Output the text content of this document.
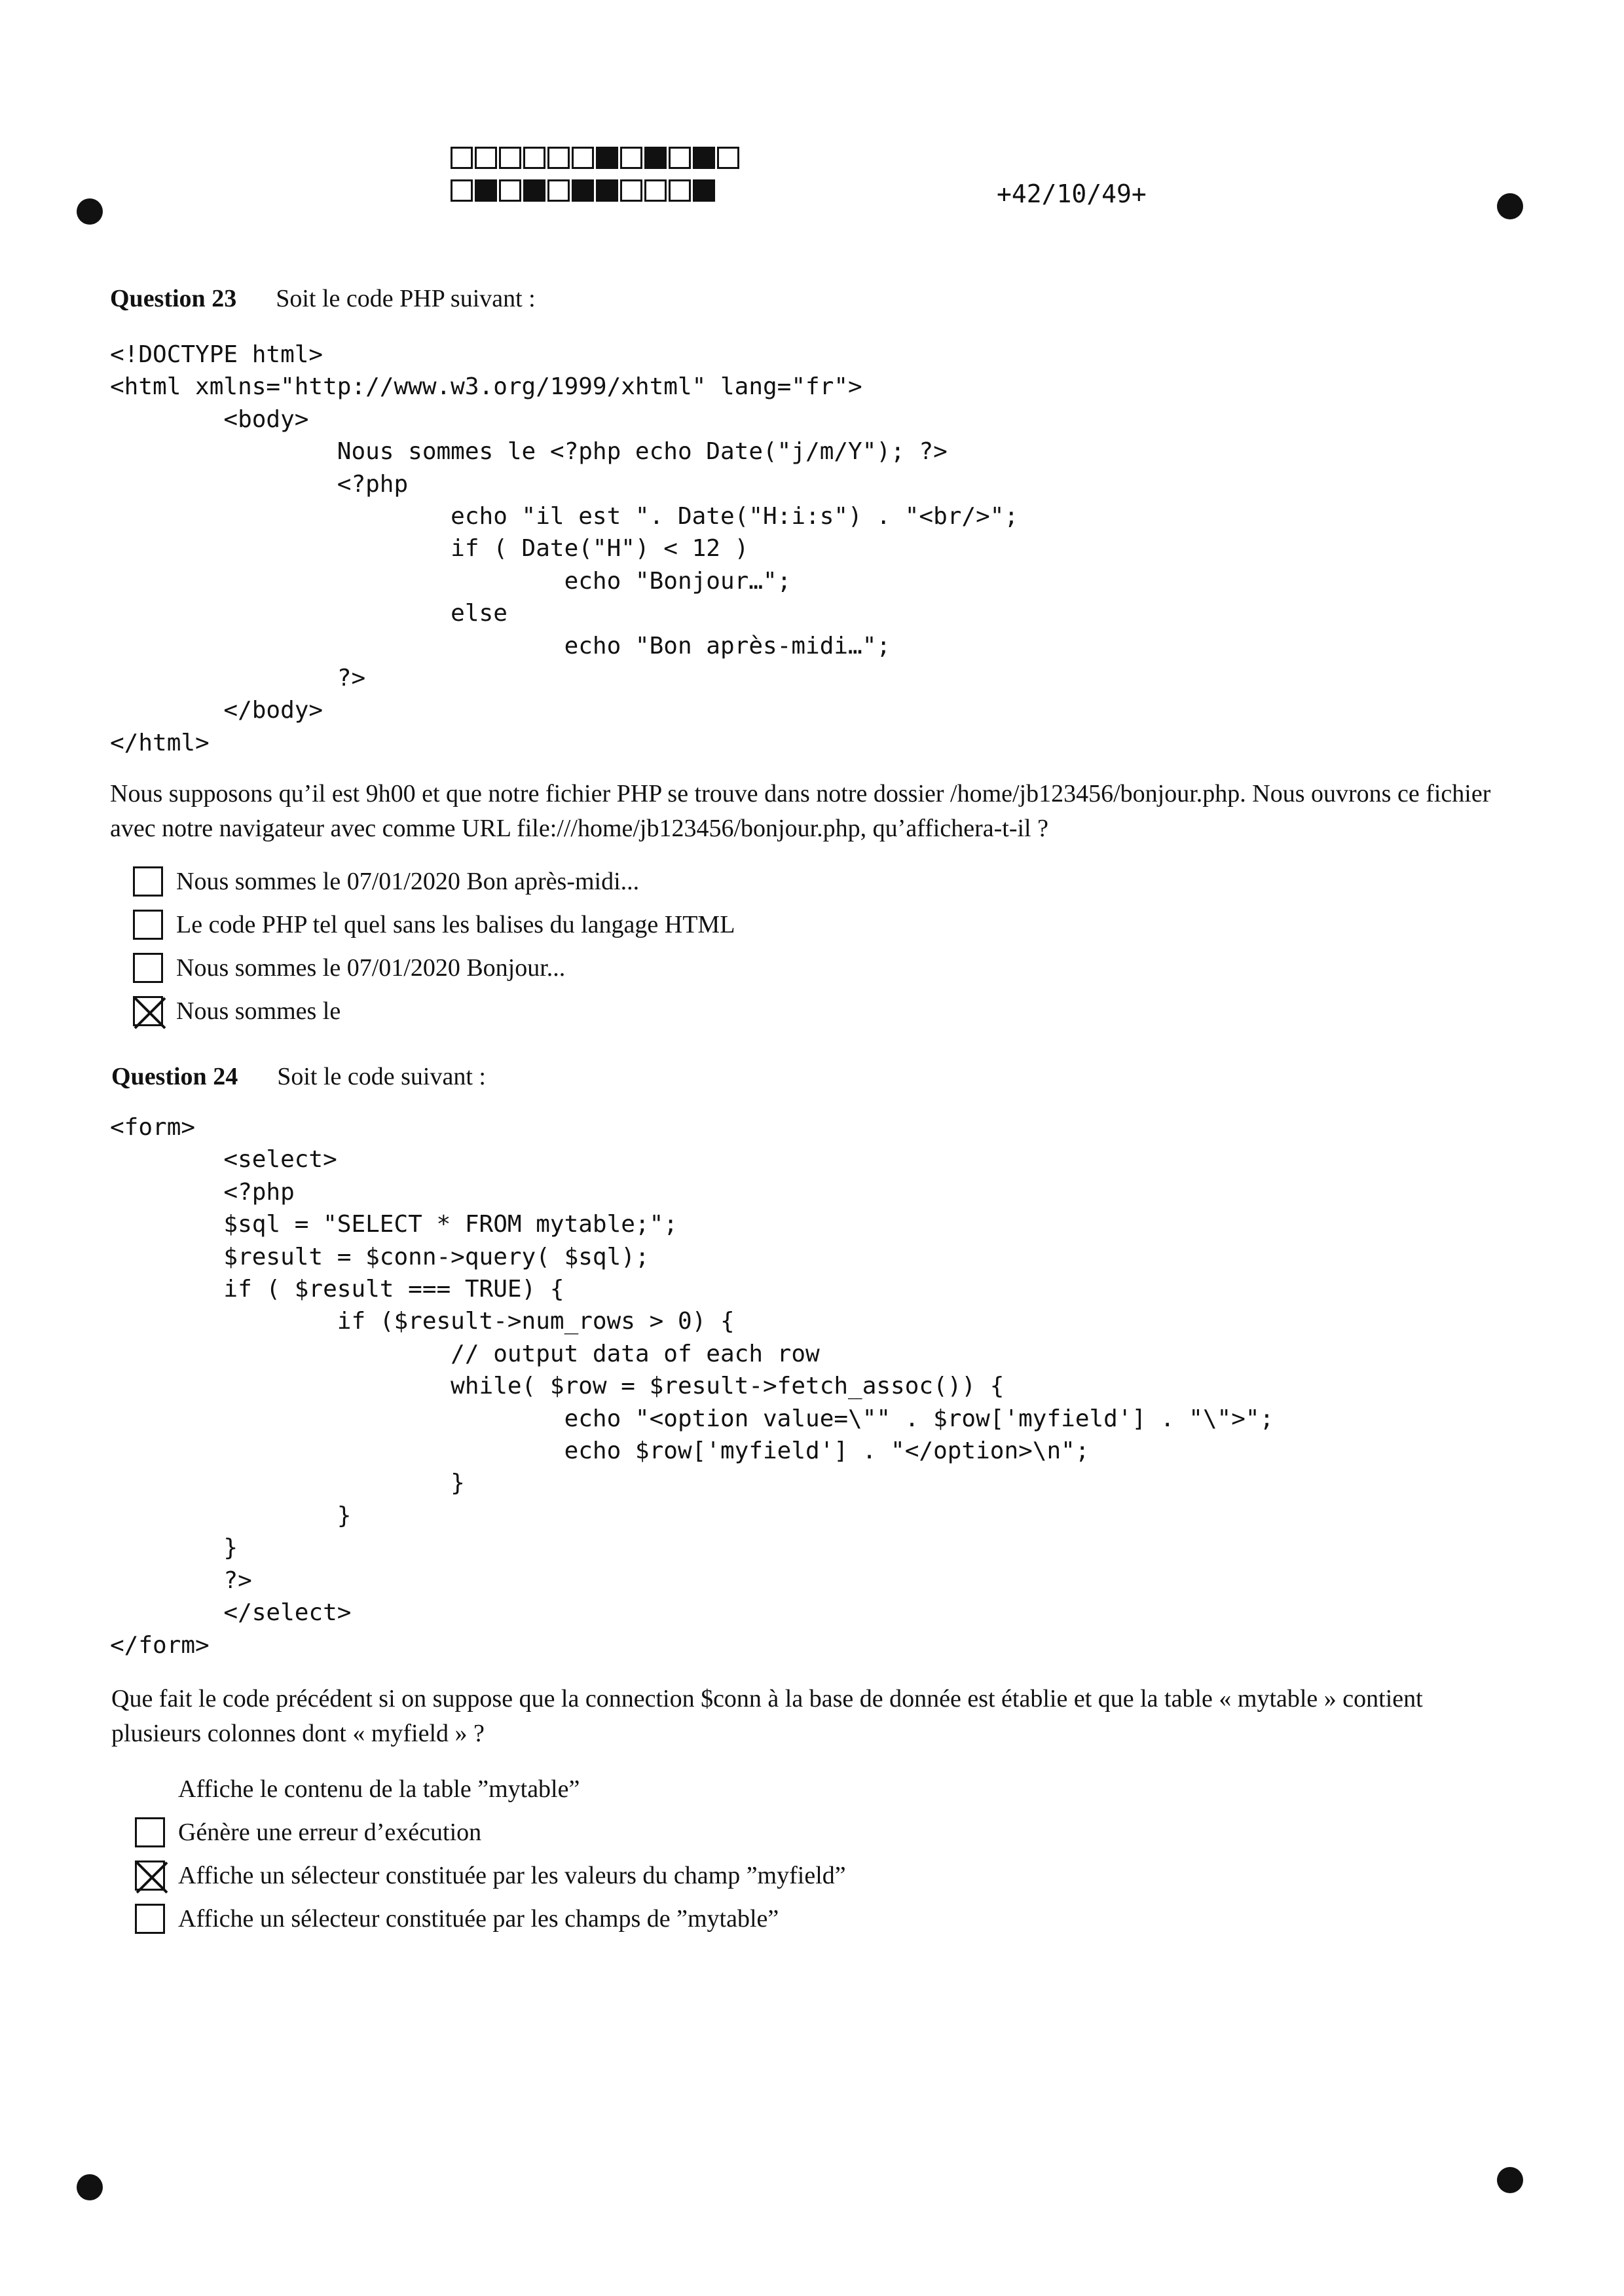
+42/10/49+
Question 23 Soit le code PHP suivant :
<!DOCTYPE html>
<html xmlns="http://www.w3.org/1999/xhtml" lang="fr">
<body>
Nous sommes le <?php echo Date("j/m/Y"); ?>
<?php
echo "il est ". Date("H:i:s") . "<br/>";
if ( Date("H") < 12 )
echo "Bonjour…";
else
echo "Bon après-midi…";
?>
</body>
</html>
Nous supposons qu’il est 9h00 et que notre fichier PHP se trouve dans notre dossier /home/jb123456/bonjour.php. Nous ouvrons ce fichier avec notre navigateur avec comme URL file:///home/jb123456/bonjour.php, qu’affichera-t-il ?
Nous sommes le 07/01/2020 Bon après-midi...
Le code PHP tel quel sans les balises du langage HTML
Nous sommes le 07/01/2020 Bonjour...
Nous sommes le
Question 24 Soit le code suivant :
<form>
<select>
<?php
$sql = "SELECT * FROM mytable;";
$result = $conn->query( $sql);
if ( $result === TRUE) {
if ($result->num_rows > 0) {
// output data of each row
while( $row = $result->fetch_assoc()) {
echo "<option value=\"" . $row['myfield'] . "\">";
echo $row['myfield'] . "</option>\n";
}
}
}
?>
</select>
</form>
Que fait le code précédent si on suppose que la connection $conn à la base de donnée est établie et que la table « mytable » contient plusieurs colonnes dont « myfield » ?
Affiche le contenu de la table ”mytable”
Génère une erreur d’exécution
Affiche un sélecteur constituée par les valeurs du champ ”myfield”
Affiche un sélecteur constituée par les champs de ”mytable”
